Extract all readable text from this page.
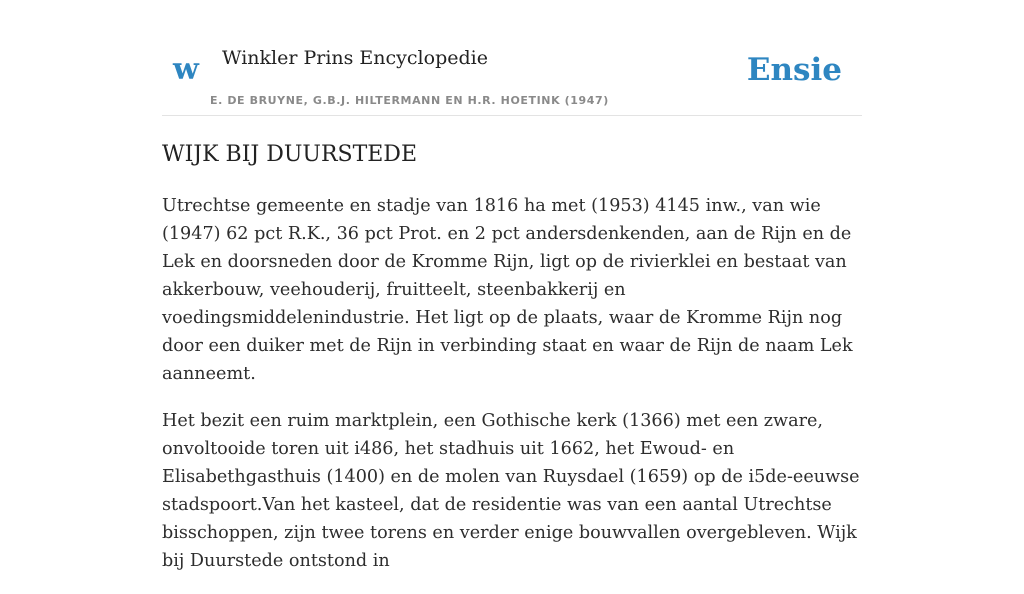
w Winkler Prins Encyclopedie
E. DE BRUYNE, G.B.J. HILTERMANN EN H.R. HOETINK (1947)
Ensie
WIJK BIJ DUURSTEDE

Utrechtse gemeente en stadje van 1816 ha met (1953) 4145 inw., van wie (1947) 62 pct R.K., 36 pct Prot. en 2 pct andersdenkenden, aan de Rijn en de Lek en doorsneden door de Kromme Rijn, ligt op de rivierklei en bestaat van akkerbouw, veehouderij, fruitteelt, steenbakkerij en voedingsmiddelenindustrie. Het ligt op de plaats, waar de Kromme Rijn nog door een duiker met de Rijn in verbinding staat en waar de Rijn de naam Lek aanneemt.

Het bezit een ruim marktplein, een Gothische kerk (1366) met een zware, onvoltooide toren uit i486, het stadhuis uit 1662, het Ewoud- en Elisabethgasthuis (1400) en de molen van Ruysdael (1659) op de i5de-eeuwse stadspoort.Van het kasteel, dat de residentie was van een aantal Utrechtse bisschoppen, zijn twee torens en verder enige bouwvallen overgebleven. Wijk bij Duurstede ontstond in
